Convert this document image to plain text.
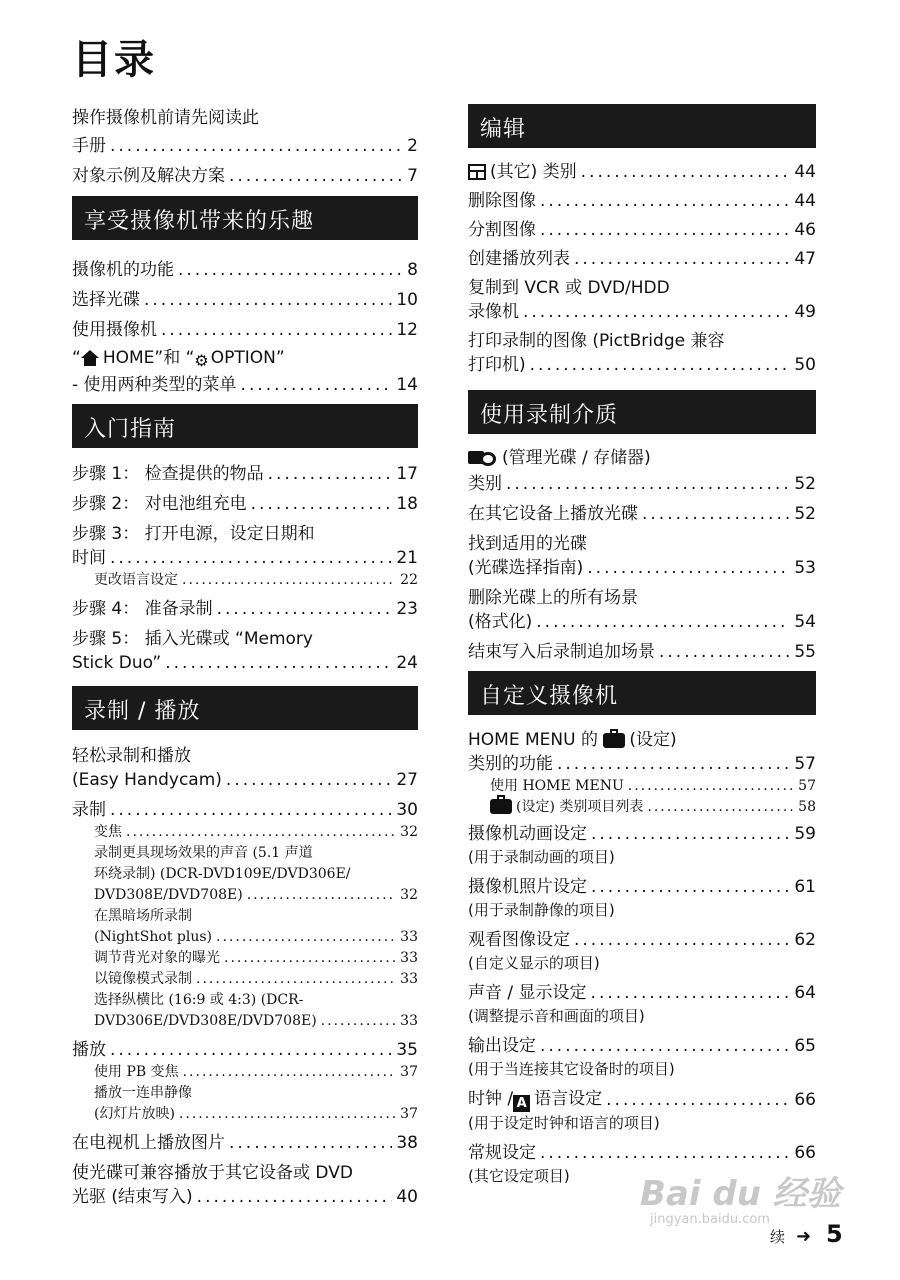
目录
操作摄像机前请先阅读此
手册 .....	2
对象示例及解决方案 .....	7
享受摄像机带来的乐趣
摄像机的功能 .....	8
选择光碟 .....	10
使用摄像机 .....	12
“ HOME”和 “⚙ OPTION”
- 使用两种类型的菜单 .....	14
入门指南
步骤 1： 检查提供的物品 .....	17
步骤 2： 对电池组充电 .....	18
步骤 3： 打开电源，设定日期和
时间 .....	21
更改语言设定 .....	22
步骤 4： 准备录制 .....	23
步骤 5： 插入光碟或 “Memory
Stick Duo” .....	24
录制 / 播放
轻松录制和播放
(Easy Handycam) .....	27
录制 .....	30
变焦 .....	32
录制更具现场效果的声音 (5.1 声道
环绕录制) (DCR-DVD109E/DVD306E/
DVD308E/DVD708E) .....	32
在黑暗场所录制
(NightShot plus) .....	33
调节背光对象的曝光 .....	33
以镜像模式录制 .....	33
选择纵横比 (16:9 或 4:3) (DCR-
DVD306E/DVD308E/DVD708E) .....	33
播放 .....	35
使用 PB 变焦 .....	37
播放一连串静像
(幻灯片放映) .....	37
在电视机上播放图片 .....	38
使光碟可兼容播放于其它设备或 DVD
光驱 (结束写入) .....	40
编辑
(其它) 类别 .....	44
删除图像 .....	44
分割图像 .....	46
创建播放列表 .....	47
复制到 VCR 或 DVD/HDD
录像机 .....	49
打印录制的图像 (PictBridge 兼容
打印机) .....	50
使用录制介质
(管理光碟 / 存储器)
类别 .....	52
在其它设备上播放光碟 .....	52
找到适用的光碟
(光碟选择指南) .....	53
删除光碟上的所有场景
(格式化) .....	54
结束写入后录制追加场景 .....	55
自定义摄像机
HOME MENU 的 (设定)
类别的功能 .....	57
使用 HOME MENU .....	57
(设定) 类别项目列表 .....	58
摄像机动画设定 .....	59
(用于录制动画的项目)
摄像机照片设定 .....	61
(用于录制静像的项目)
观看图像设定 .....	62
(自定义显示的项目)
声音 / 显示设定 .....	64
(调整提示音和画面的项目)
输出设定 .....	65
(用于当连接其它设备时的项目)
时钟 / A 语言设定 .....	66
(用于设定时钟和语言的项目)
常规设定 .....	66
(其它设定项目)	Bai du 经验
jingyan.baidu.com
续 ➜ 5
